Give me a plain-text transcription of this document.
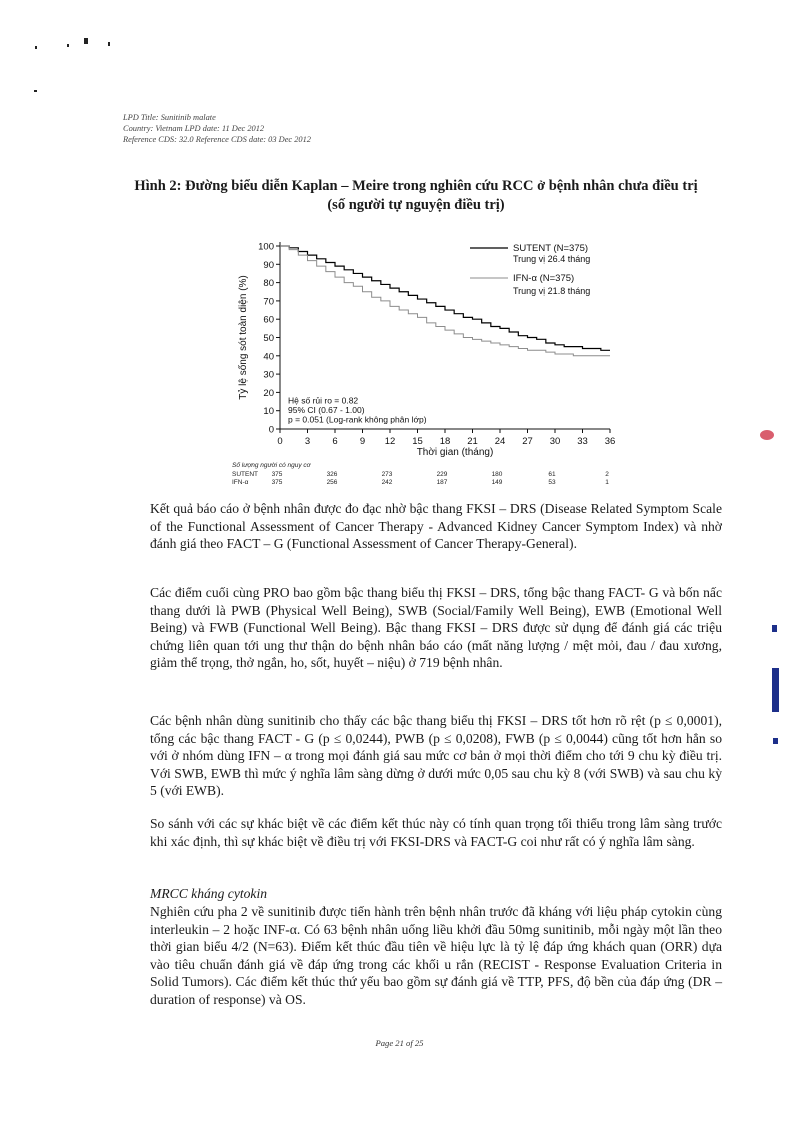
LPD Title: Sunitinib malate
Country: Vietnam LPD date: 11 Dec 2012
Reference CDS: 32.0 Reference CDS date: 03 Dec 2012
Hình 2: Đường biểu diễn Kaplan – Meire trong nghiên cứu RCC ở bệnh nhân chưa điều trị (số người tự nguyện điều trị)
0
10
20
30
40
50
60
70
80
90
100
0 3 6 9 12 15 18 21 24 27 30 33 36
Thời gian (tháng)
Tỷ lệ sống sót toàn diện (%)
SUTENT (N=375)
Trung vị 26.4 tháng
IFN-α (N=375)
Trung vị 21.8 tháng
Hệ số rủi ro = 0.82
95% CI (0.67 - 1.00)
p = 0.051 (Log-rank không phân lớp)
Số lượng người có nguy cơ
SUTENT 375	326	273	229	180	61	2
IFN-α	375	256	242	187	149	53	1
Kết quả báo cáo ở bệnh nhân được đo đạc nhờ bậc thang FKSI – DRS (Disease Related Symptom Scale of the Functional Assessment of Cancer Therapy - Advanced Kidney Cancer Symptom Index) và nhờ đánh giá theo FACT – G (Functional Assessment of Cancer Therapy-General).
Các điểm cuối cùng PRO bao gồm bậc thang biểu thị FKSI – DRS, tổng bậc thang FACT- G và bốn nấc thang dưới là PWB (Physical Well Being), SWB (Social/Family Well Being), EWB (Emotional Well Being) và FWB (Functional Well Being). Bậc thang FKSI – DRS được sử dụng để đánh giá các triệu chứng liên quan tới ung thư thận do bệnh nhân báo cáo (mất năng lượng / mệt mỏi, đau / đau xương, giảm thể trọng, thở ngắn, ho, sốt, huyết – niệu) ở 719 bệnh nhân.
Các bệnh nhân dùng sunitinib cho thấy các bậc thang biểu thị FKSI – DRS tốt hơn rõ rệt (p ≤ 0,0001), tổng các bậc thang FACT - G (p ≤ 0,0244), PWB (p ≤ 0,0208), FWB (p ≤ 0,0044) cũng tốt hơn hẳn so với ở nhóm dùng IFN – α trong mọi đánh giá sau mức cơ bản ở mọi thời điểm cho tới 9 chu kỳ điều trị. Với SWB, EWB thì mức ý nghĩa lâm sàng dừng ở dưới mức 0,05 sau chu kỳ 8 (với SWB) và sau chu kỳ 5 (với EWB).
So sánh với các sự khác biệt về các điểm kết thúc này có tính quan trọng tối thiểu trong lâm sàng trước khi xác định, thì sự khác biệt về điều trị với FKSI-DRS và FACT-G coi như rất có ý nghĩa lâm sàng.
MRCC kháng cytokin
Nghiên cứu pha 2 về sunitinib được tiến hành trên bệnh nhân trước đã kháng với liệu pháp cytokin cùng interleukin – 2 hoặc INF-α. Có 63 bệnh nhân uống liều khởi đầu 50mg sunitinib, mỗi ngày một lần theo thời gian biểu 4/2 (N=63). Điểm kết thúc đầu tiên về hiệu lực là tỷ lệ đáp ứng khách quan (ORR) dựa vào tiêu chuẩn đánh giá về đáp ứng trong các khối u rắn (RECIST - Response Evaluation Criteria in Solid Tumors). Các điểm kết thúc thứ yếu bao gồm sự đánh giá về TTP, PFS, độ bền của đáp ứng (DR – duration of response) và OS.
Page 21 of 25
